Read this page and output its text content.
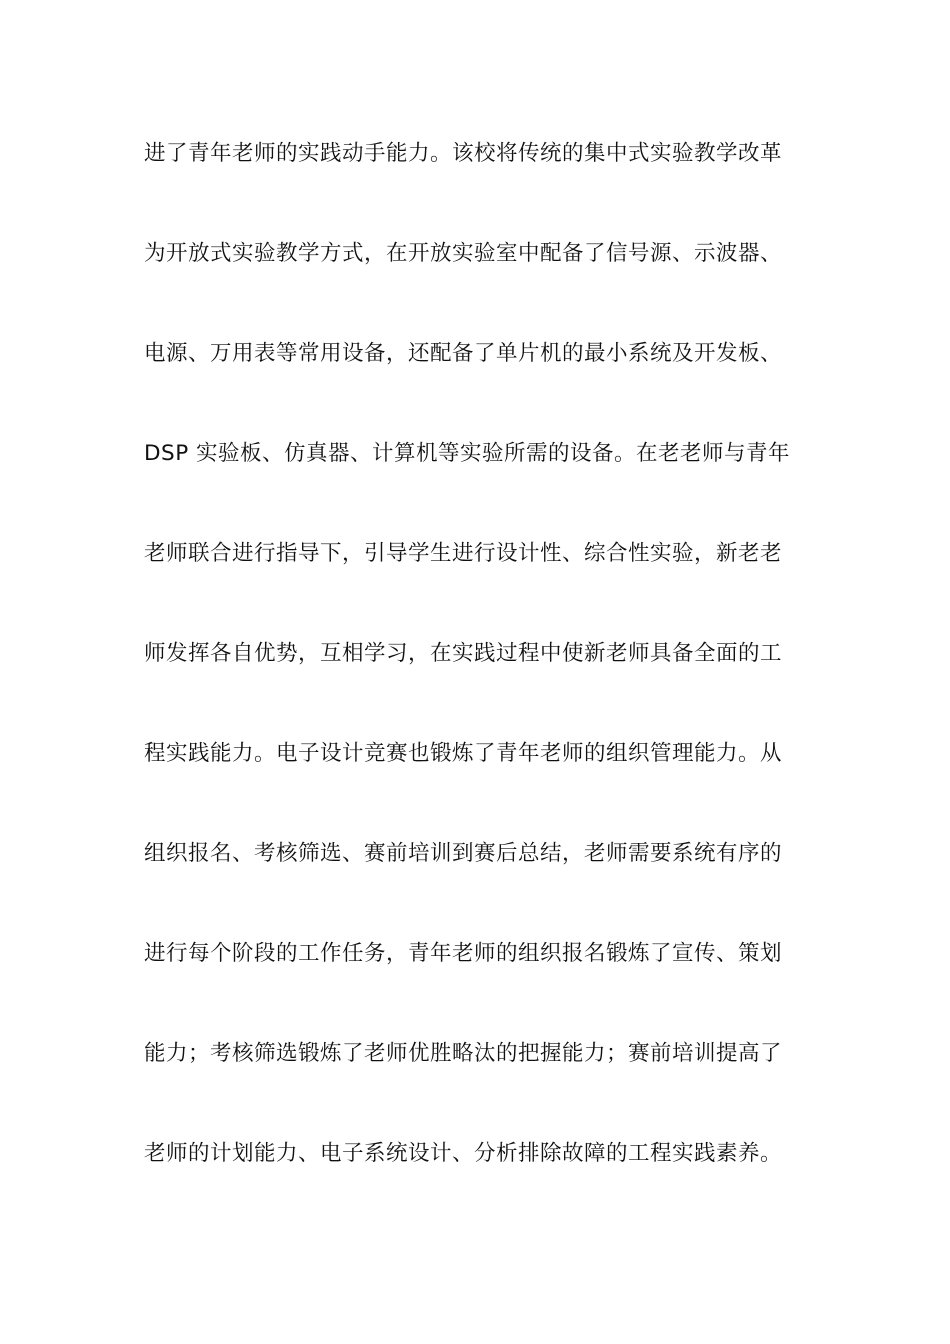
进了青年老师的实践动手能力。该校将传统的集中式实验教学改革
为开放式实验教学方式，在开放实验室中配备了信号源、示波器、
电源、万用表等常用设备，还配备了单片机的最小系统及开发板、
DSP 实验板、仿真器、计算机等实验所需的设备。在老老师与青年
老师联合进行指导下，引导学生进行设计性、综合性实验，新老老
师发挥各自优势，互相学习，在实践过程中使新老师具备全面的工
程实践能力。电子设计竞赛也锻炼了青年老师的组织管理能力。从
组织报名、考核筛选、赛前培训到赛后总结，老师需要系统有序的
进行每个阶段的工作任务，青年老师的组织报名锻炼了宣传、策划
能力；考核筛选锻炼了老师优胜略汰的把握能力；赛前培训提高了
老师的计划能力、电子系统设计、分析排除故障的工程实践素养。
